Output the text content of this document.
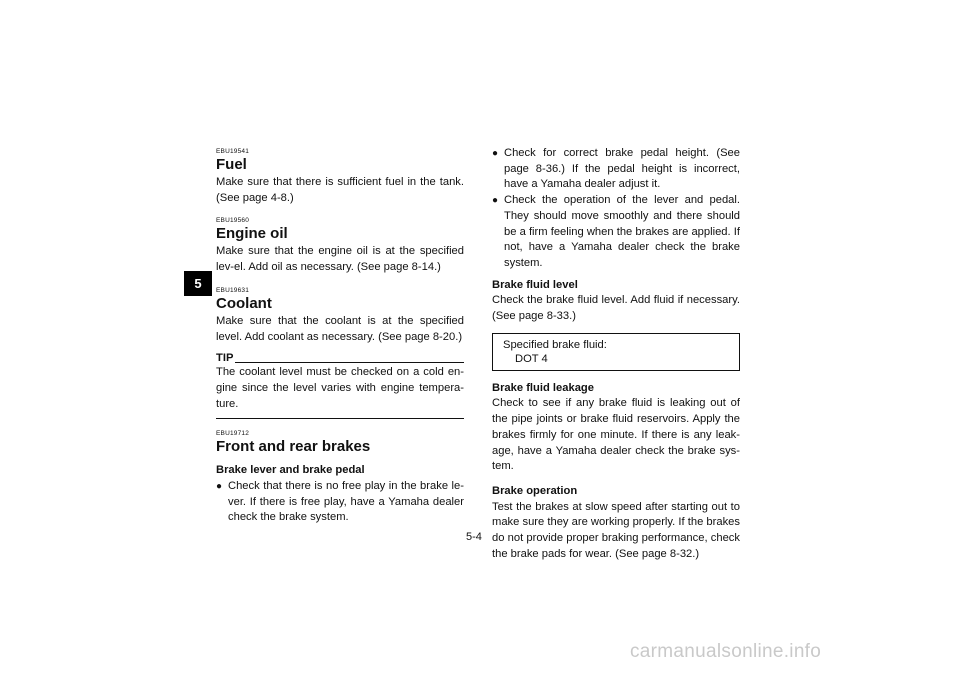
5
EBU19541
Fuel

Make sure that there is sufficient fuel in the tank. (See page 4-8.)

EBU19560
Engine oil

Make sure that the engine oil is at the specified lev-el. Add oil as necessary. (See page 8-14.)

EBU19631
Coolant

Make sure that the coolant is at the specified level. Add coolant as necessary. (See page 8-20.)

TIP

The coolant level must be checked on a cold en-gine since the level varies with engine tempera-ture.

EBU19712
Front and rear brakes
Brake lever and brake pedal
● Check that there is no free play in the brake le-ver. If there is free play, have a Yamaha dealer check the brake system.
● Check for correct brake pedal height. (See page 8-36.) If the pedal height is incorrect, have a Yamaha dealer adjust it.
● Check the operation of the lever and pedal. They should move smoothly and there should be a firm feeling when the brakes are applied. If not, have a Yamaha dealer check the brake system.
Brake fluid level

Check the brake fluid level. Add fluid if necessary. (See page 8-33.)

Specified brake fluid:
DOT 4
Brake fluid leakage

Check to see if any brake fluid is leaking out of the pipe joints or brake fluid reservoirs. Apply the brakes firmly for one minute. If there is any leak-age, have a Yamaha dealer check the brake sys-tem.

Brake operation

Test the brakes at slow speed after starting out to make sure they are working properly. If the brakes do not provide proper braking performance, check the brake pads for wear. (See page 8-32.)

5-4
carmanualsonline.info
